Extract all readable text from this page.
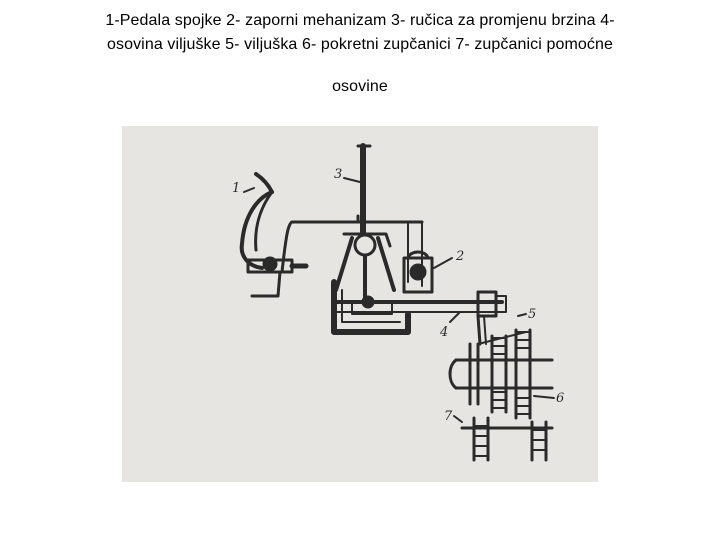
1-Pedala spojke 2- zaporni mehanizam 3- ručica za promjenu brzina 4-
osovina viljuške 5- viljuška 6- pokretni zupčanici 7- zupčanici pomoćne
osovine
1
3
2
4
5
6
7
